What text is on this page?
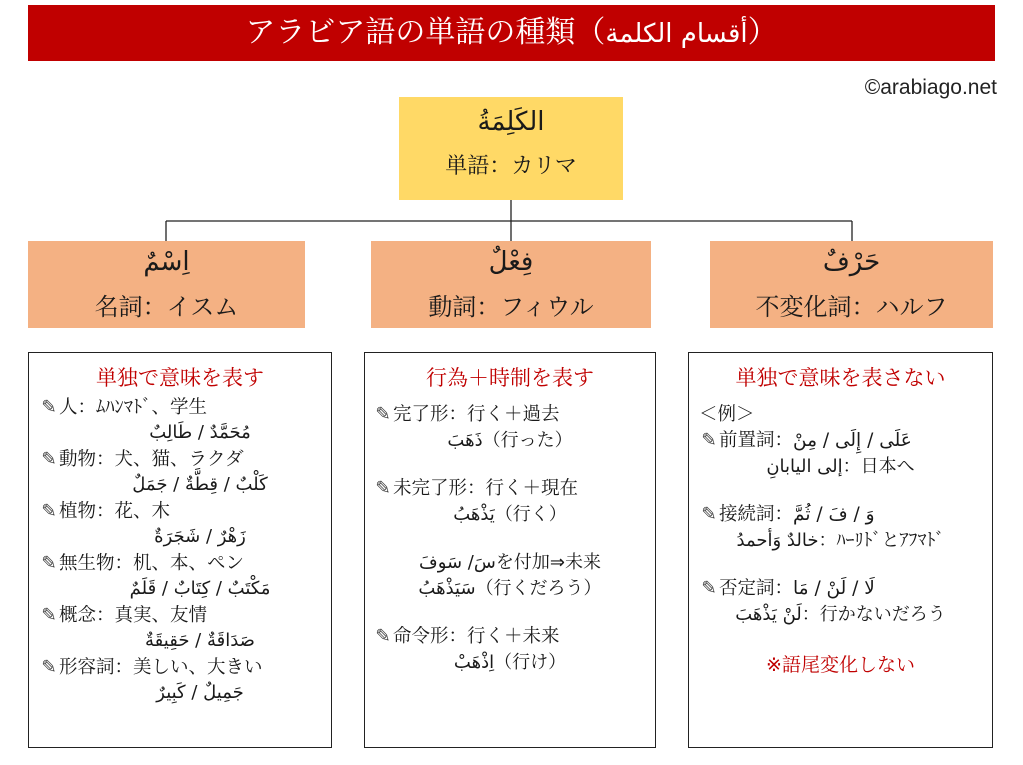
アラビア語の単語の種類（أقسام الكلمة）
©arabiago.net
الكَلِمَةُ
単語：カリマ
اِسْمٌ
名詞：イスム
فِعْلٌ
動詞：フィウル
حَرْفٌ
不変化詞：ハルフ
単独で意味を表す
✎ 人：ﾑﾊﾝﾏﾄﾞ、学生
مُحَمَّدٌ / طَالِبٌ
✎ 動物：犬、猫、ラクダ
كَلْبٌ / قِطَّةٌ / جَمَلٌ
✎ 植物：花、木
زَهْرٌ / شَجَرَةٌ
✎ 無生物：机、本、ペン
مَكْتَبٌ / كِتَابٌ / قَلَمٌ
✎ 概念：真実、友情
صَدَاقَةٌ / حَقِيقَةٌ
✎ 形容詞：美しい、大きい
جَمِيلٌ / كَبِيرٌ
行為＋時制を表す
✎ 完了形：行く＋過去
ذَهَبَ（行った）
✎ 未完了形：行く＋現在
يَذْهَبُ（行く）
سَ/ سَوفَを付加⇒未来
سَيَذْهَبُ（行くだろう）
✎ 命令形：行く＋未来
اِذْهَبْ（行け）
単独で意味を表さない
＜例＞
✎ 前置詞：عَلَى / إِلَى / مِنْ
إلى اليابانِ：日本へ
✎ 接続詞：وَ / فَ / ثُمَّ
خالدٌ وَأحمدُ：ﾊｰﾘﾄﾞとｱﾌﾏﾄﾞ
✎ 否定詞：لَا / لَنْ / مَا
لَنْ يَذْهَبَ：行かないだろう
※語尾変化しない
